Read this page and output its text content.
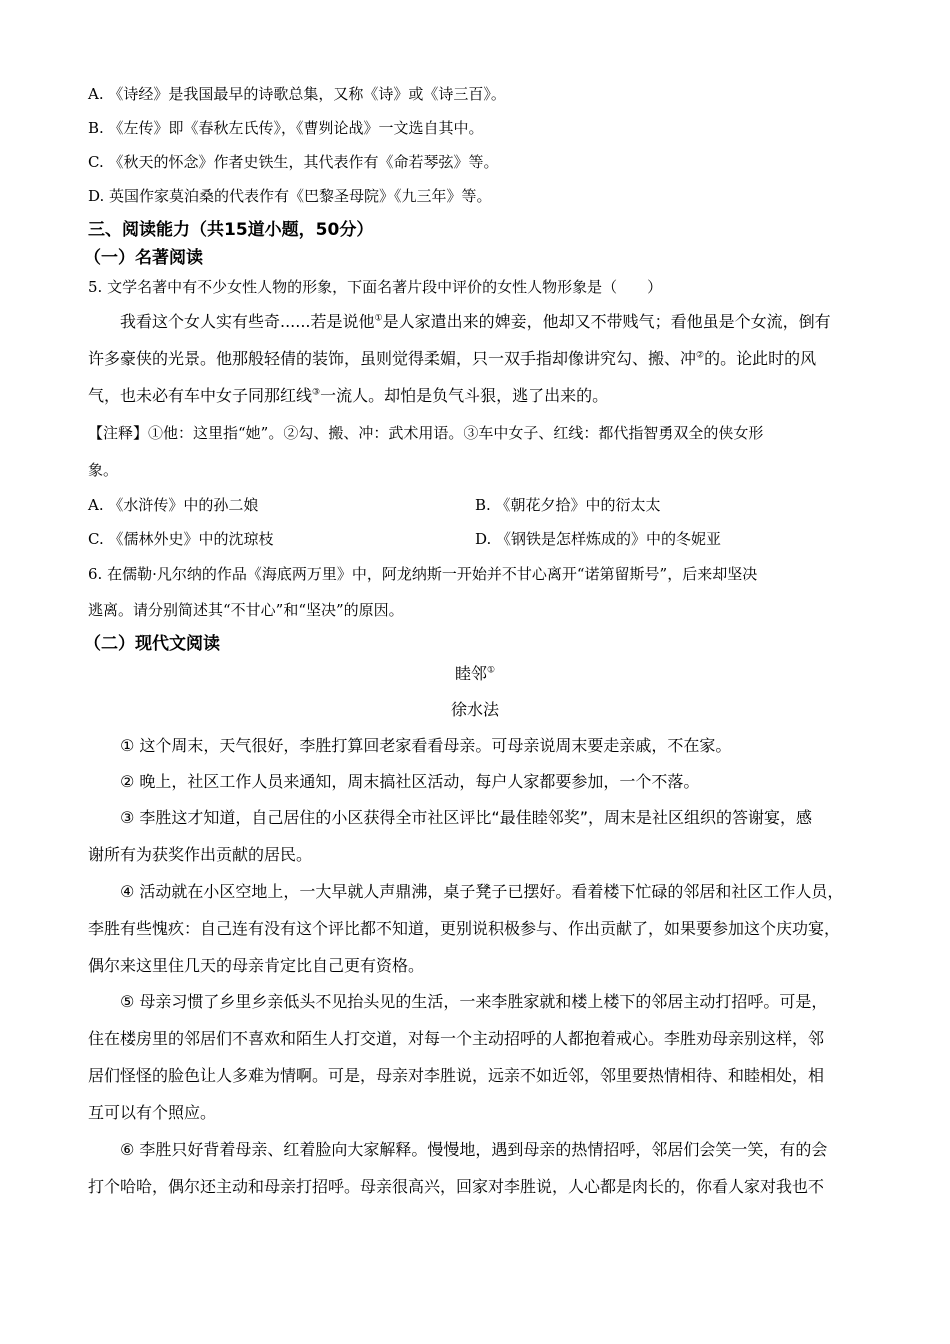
A. 《诗经》是我国最早的诗歌总集，又称《诗》或《诗三百》。
B. 《左传》即《春秋左氏传》，《曹刿论战》一文选自其中。
C. 《秋天的怀念》作者史铁生，其代表作有《命若琴弦》等。
D. 英国作家莫泊桑的代表作有《巴黎圣母院》《九三年》等。
三、阅读能力（共15道小题，50分）
（一）名著阅读
5. 文学名著中有不少女性人物的形象，下面名著片段中评价的女性人物形象是（　　）
我看这个女人实有些奇......若是说他①是人家遣出来的婢妾，他却又不带贱气；看他虽是个女流，倒有
许多豪侠的光景。他那般轻倩的装饰，虽则觉得柔媚，只一双手指却像讲究勾、搬、冲②的。论此时的风
气，也未必有车中女子同那红线③一流人。却怕是负气斗狠，逃了出来的。
【注释】①他：这里指“她”。②勾、搬、冲：武术用语。③车中女子、红线：都代指智勇双全的侠女形
象。
A. 《水浒传》中的孙二娘	B. 《朝花夕拾》中的衍太太
C. 《儒林外史》中的沈琼枝	D. 《钢铁是怎样炼成的》中的冬妮亚
6. 在儒勒·凡尔纳的作品《海底两万里》中，阿龙纳斯一开始并不甘心离开“诺第留斯号”，后来却坚决
逃离。请分别简述其“不甘心”和“坚决”的原因。
（二）现代文阅读
睦邻①
徐水法
① 这个周末，天气很好，李胜打算回老家看看母亲。可母亲说周末要走亲戚，不在家。
② 晚上，社区工作人员来通知，周末搞社区活动，每户人家都要参加，一个不落。
③ 李胜这才知道，自己居住的小区获得全市社区评比“最佳睦邻奖”，周末是社区组织的答谢宴，感
谢所有为获奖作出贡献的居民。
④ 活动就在小区空地上，一大早就人声鼎沸，桌子凳子已摆好。看着楼下忙碌的邻居和社区工作人员，
李胜有些愧疚：自己连有没有这个评比都不知道，更别说积极参与、作出贡献了，如果要参加这个庆功宴，
偶尔来这里住几天的母亲肯定比自己更有资格。
⑤ 母亲习惯了乡里乡亲低头不见抬头见的生活，一来李胜家就和楼上楼下的邻居主动打招呼。可是，
住在楼房里的邻居们不喜欢和陌生人打交道，对每一个主动招呼的人都抱着戒心。李胜劝母亲别这样，邻
居们怪怪的脸色让人多难为情啊。可是，母亲对李胜说，远亲不如近邻，邻里要热情相待、和睦相处，相
互可以有个照应。
⑥ 李胜只好背着母亲、红着脸向大家解释。慢慢地，遇到母亲的热情招呼，邻居们会笑一笑，有的会
打个哈哈，偶尔还主动和母亲打招呼。母亲很高兴，回家对李胜说，人心都是肉长的，你看人家对我也不
